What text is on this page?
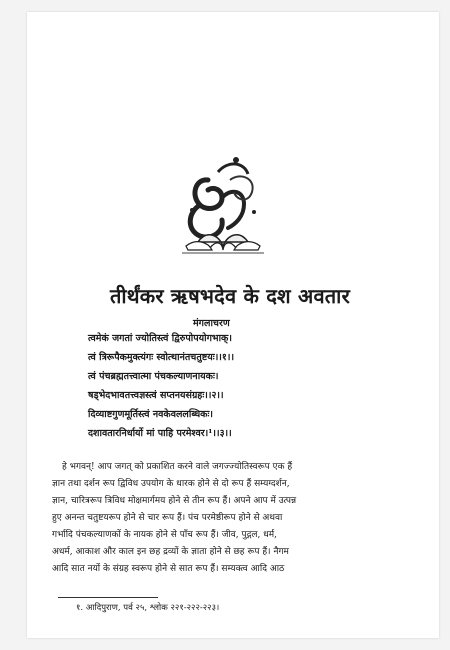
तीर्थंकर ऋषभदेव के दश अवतार
मंगलाचरण
त्वमेकं जगतां ज्योतिस्त्वं द्विरुपोपयोगभाक्।
त्वं त्रिरूपैकमुक्त्यंगः स्वोत्थानंतचतुष्टयः।।१।।
त्वं पंचब्रह्मतत्त्वात्मा पंचकल्याणनायकः।
षड्भेदभावतत्त्वज्ञस्त्वं सप्तनयसंग्रहः।।२।।
दिव्याष्टगुणमूर्तिस्त्वं नवकेवललब्धिकः।
दशावतारनिर्धार्यो मां पाहि परमेश्वर।¹।।३।।
हे भगवन्! आप जगत् को प्रकाशित करने वाले जगज्ज्योतिस्वरूप एक हैं
ज्ञान तथा दर्शन रूप द्विविध उपयोग के धारक होने से दो रूप हैं सम्यग्दर्शन,
ज्ञान, चारित्ररूप त्रिविध मोक्षमार्गमय होने से तीन रूप हैं। अपने आप में उत्पन्न
हुए अनन्त चतुष्टयरूप होने से चार रूप हैं। पंच परमेष्ठीरूप होने से अथवा
गर्भादि पंचकल्याणकों के नायक होने से पाँच रूप हैं। जीव, पुद्गल, धर्म,
अधर्म, आकाश और काल इन छह द्रव्यों के ज्ञाता होने से छह रूप हैं। नैगम
आदि सात नयों के संग्रह स्वरूप होने से सात रूप हैं। सम्यक्त्व आदि आठ
१. आदिपुराण, पर्व २५, श्लोक २२१-२२२-२२३।
